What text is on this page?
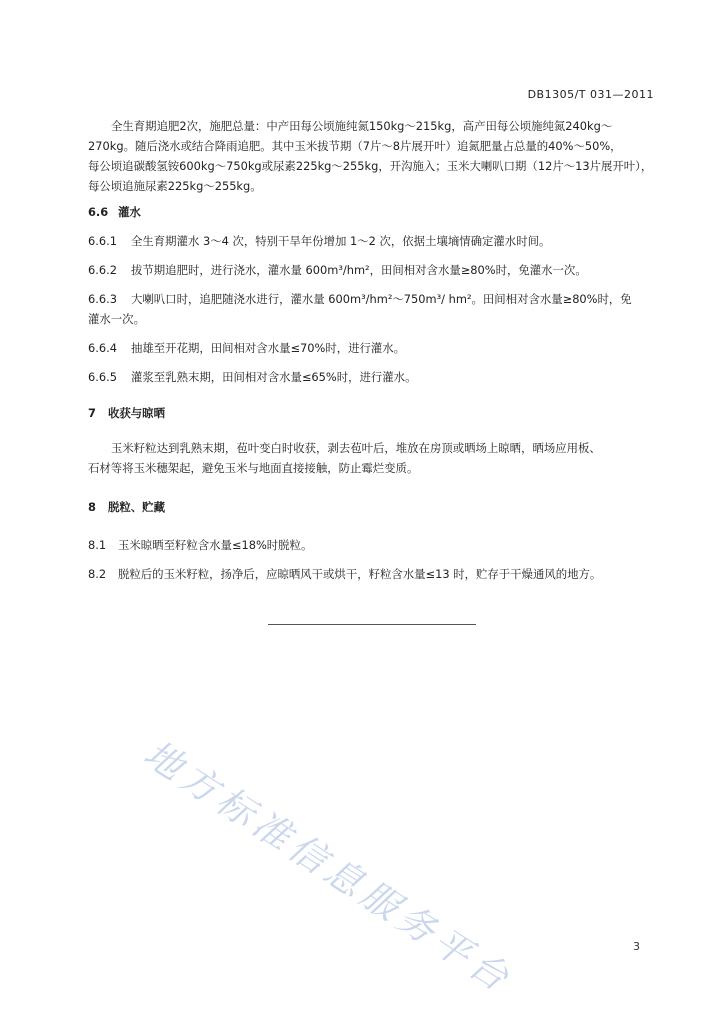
DB1305/T 031—2011
全生育期追肥2次，施肥总量：中产田每公顷施纯氮150kg～215kg，高产田每公顷施纯氮240kg～
270kg。随后浇水或结合降雨追肥。其中玉米拔节期（7片～8片展开叶）追氮肥量占总量的40%～50%，
每公顷追碳酸氢铵600kg～750kg或尿素225kg～255kg，开沟施入；玉米大喇叭口期（12片～13片展开叶），
每公顷追施尿素225kg～255kg。
6.6 灌水
6.6.1 全生育期灌水 3～4 次，特别干旱年份增加 1～2 次，依据土壤墒情确定灌水时间。
6.6.2 拔节期追肥时，进行浇水，灌水量 600m³/hm²，田间相对含水量≥80%时，免灌水一次。
6.6.3 大喇叭口时，追肥随浇水进行，灌水量 600m³/hm²～750m³/ hm²。田间相对含水量≥80%时，免
灌水一次。
6.6.4 抽雄至开花期，田间相对含水量≤70%时，进行灌水。
6.6.5 灌浆至乳熟末期，田间相对含水量≤65%时，进行灌水。
7 收获与晾晒
玉米籽粒达到乳熟末期，苞叶变白时收获，剥去苞叶后，堆放在房顶或晒场上晾晒，晒场应用板、
石材等将玉米穗架起，避免玉米与地面直接接触，防止霉烂变质。
8 脱粒、贮藏
8.1 玉米晾晒至籽粒含水量≤18%时脱粒。
8.2 脱粒后的玉米籽粒，扬净后，应晾晒风干或烘干，籽粒含水量≤13 时，贮存于干燥通风的地方。
地方标准信息服务平台	3
